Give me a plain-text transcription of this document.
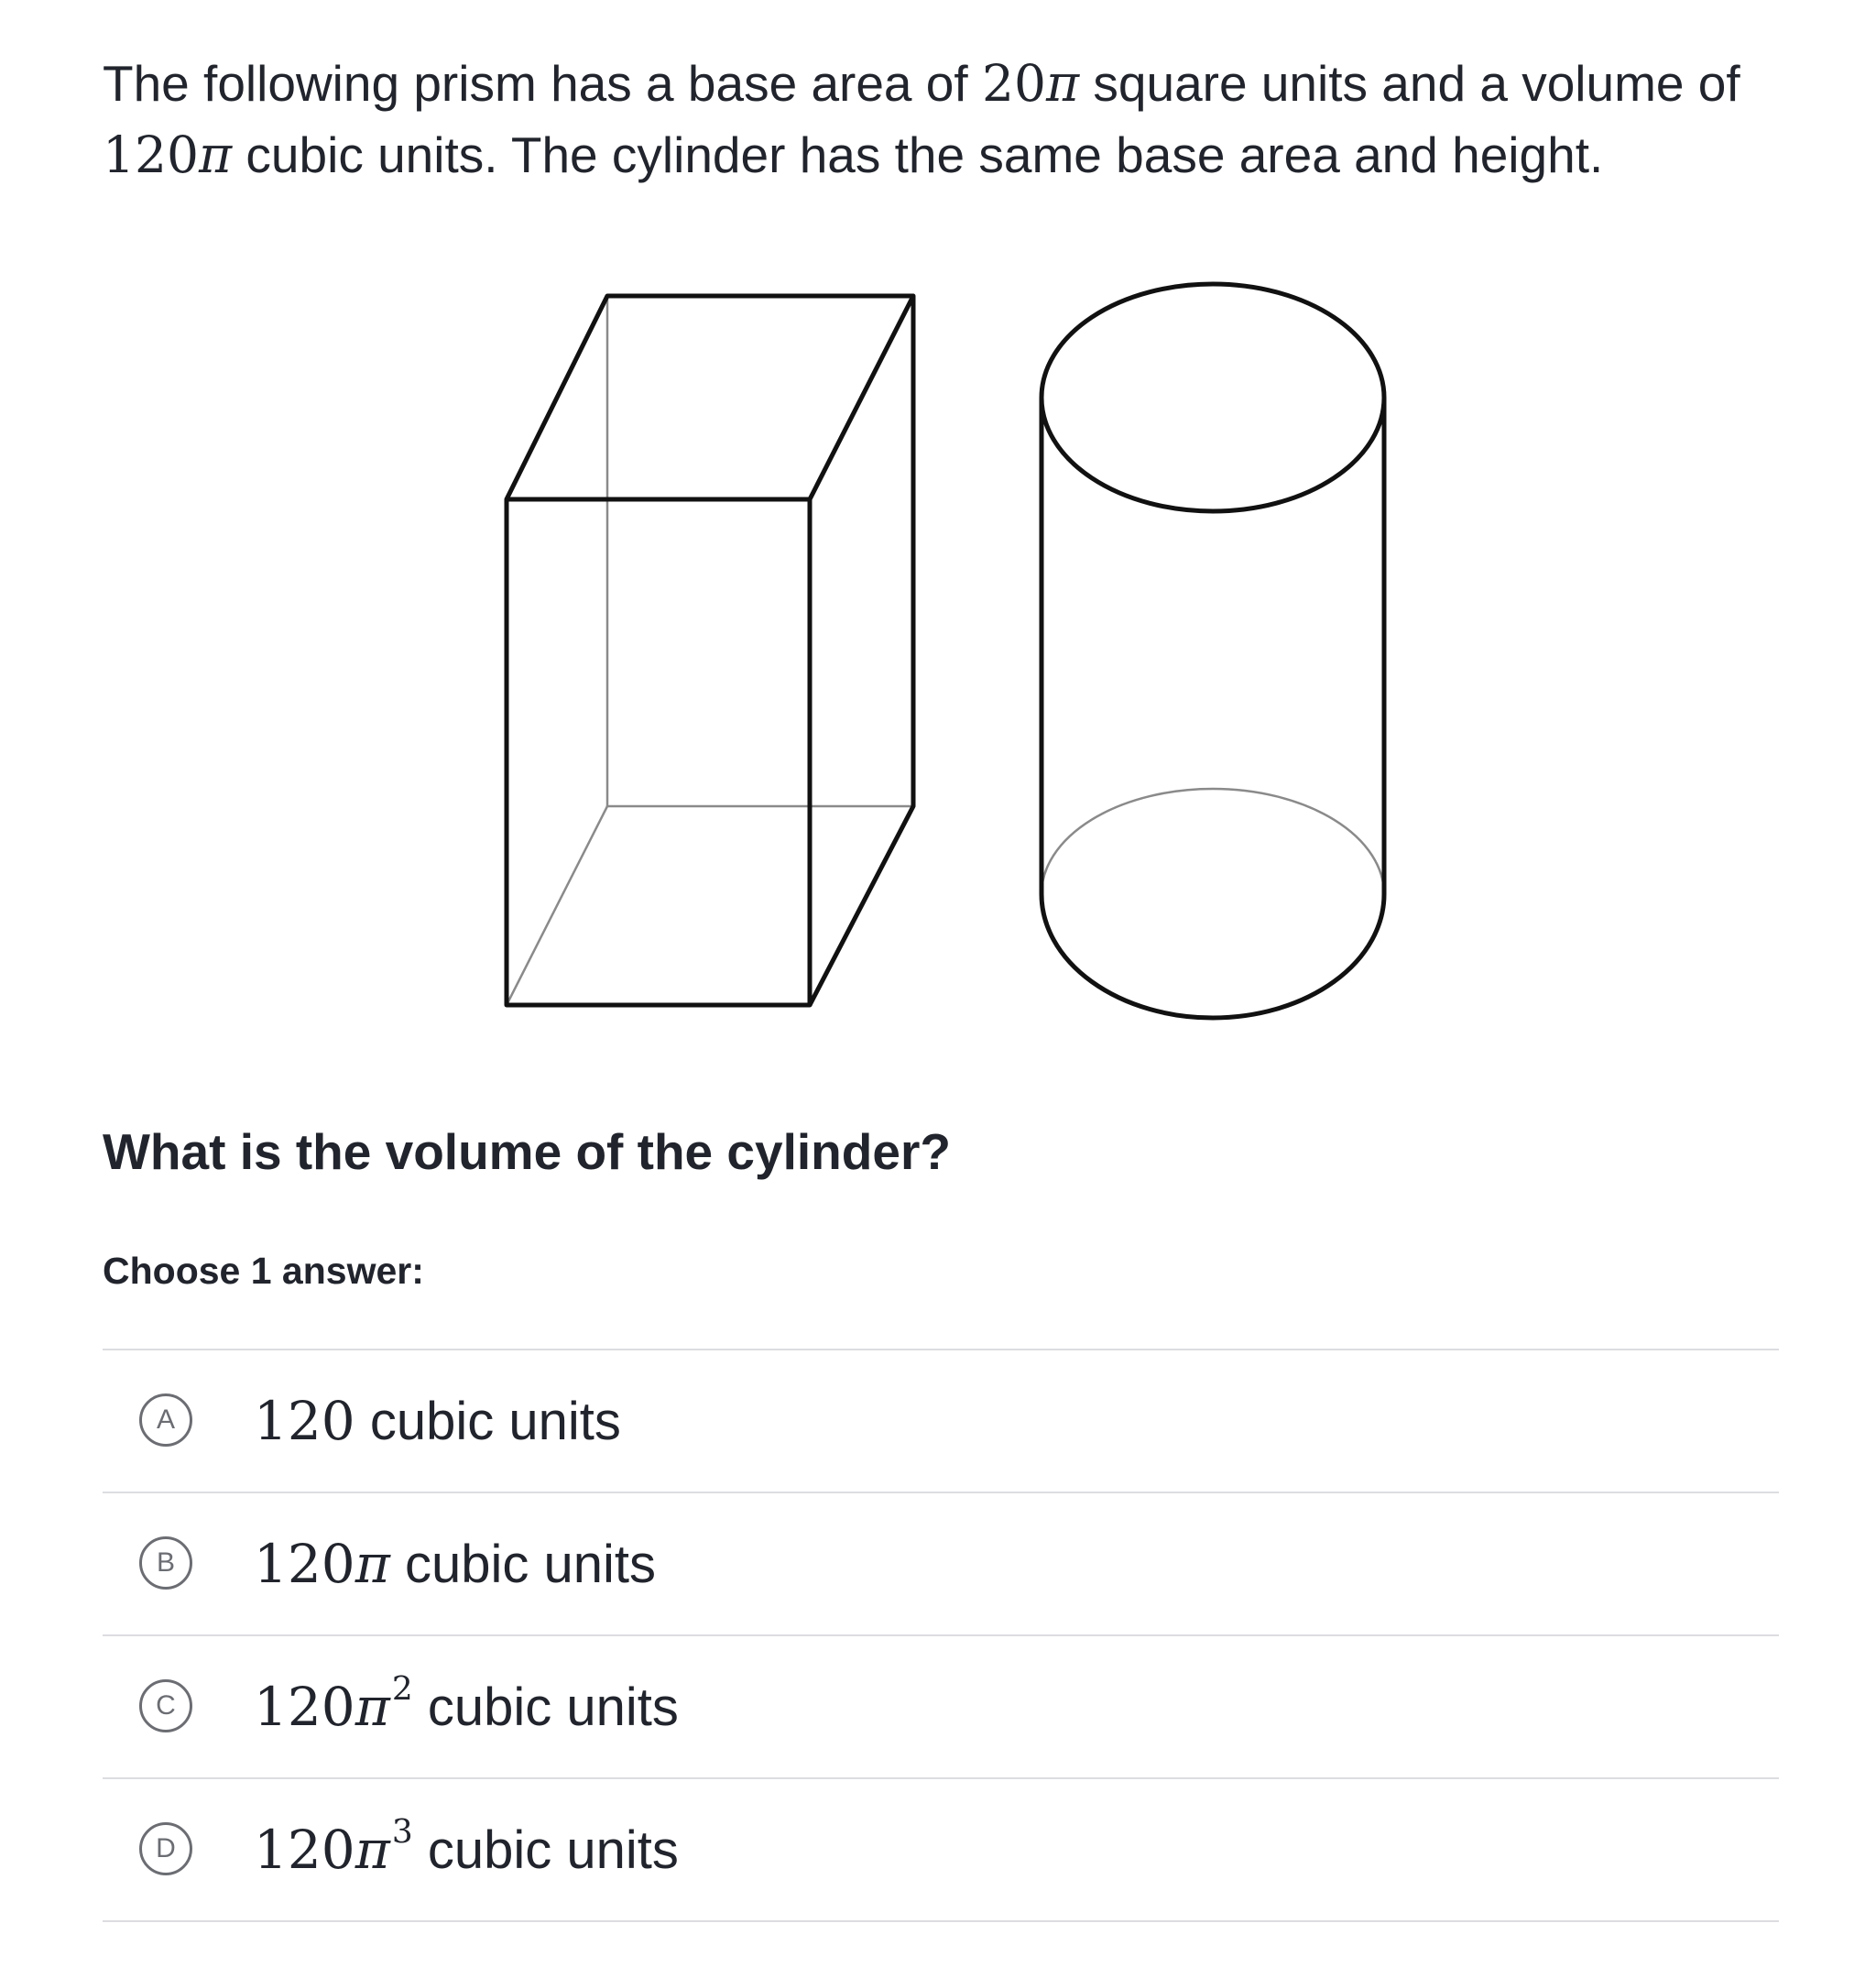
The following prism has a base area of 20π square units and a volume of
120π cubic units. The cylinder has the same base area and height.

What is the volume of the cylinder?

Choose 1 answer:

A	120 cubic units
B	120π cubic units
C	$120\pi^2$ cubic units
D	$120\pi^3$ cubic units
